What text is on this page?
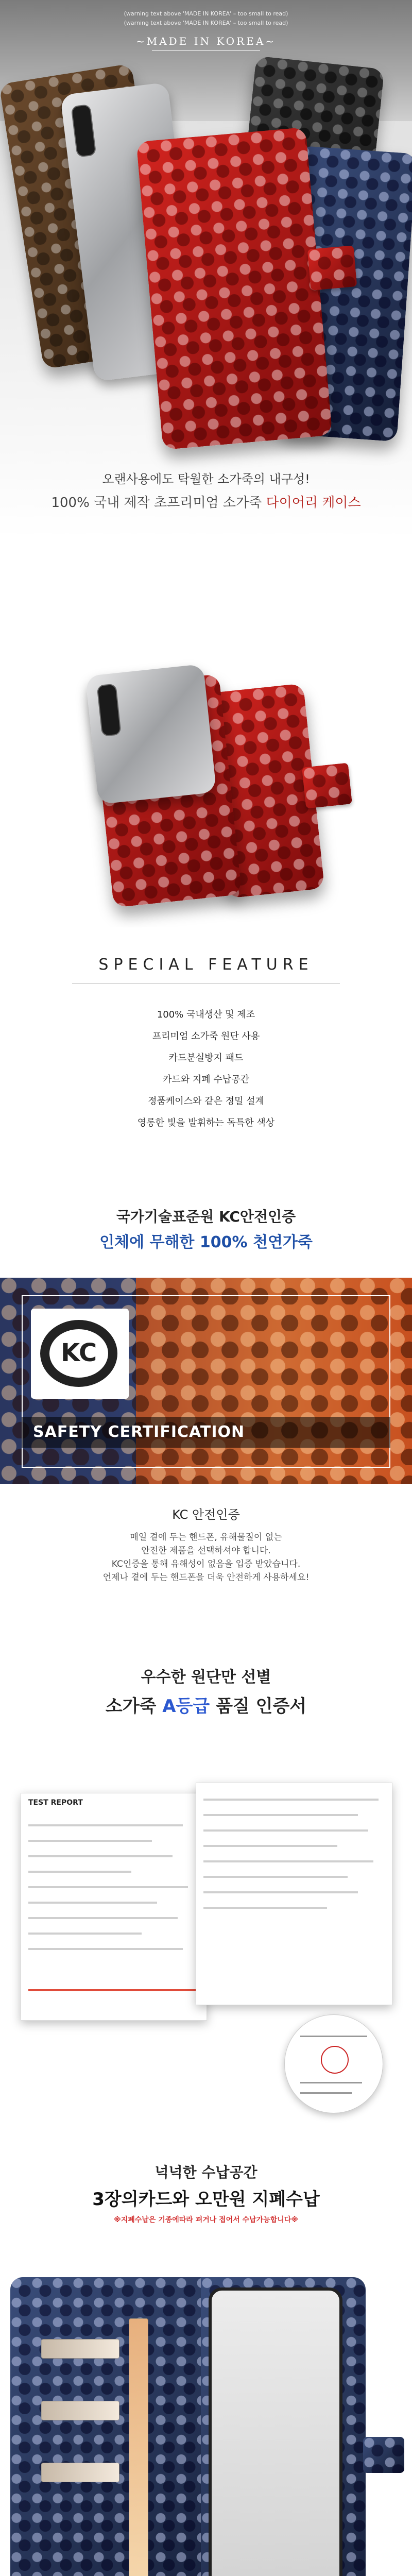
(warning text above 'MADE IN KOREA' – too small to read)
(warning text above 'MADE IN KOREA' – too small to read)
~MADE IN KOREA~
오랜사용에도 탁월한 소가죽의 내구성!
100% 국내 제작 초프리미엄 소가죽 다이어리 케이스
SPECIAL FEATURE
100% 국내생산 및 제조
프리미엄 소가죽 원단 사용
카드분실방지 패드
카드와 지폐 수납공간
정품케이스와 같은 정밀 설계
영롱한 빛을 발휘하는 독특한 색상
국가기술표준원 KC안전인증
인체에 무해한 100% 천연가죽
KC
SAFETY CERTIFICATION
KC 안전인증

매일 곁에 두는 핸드폰, 유해물질이 없는
안전한 제품을 선택하셔야 합니다.
KC인증을 통해 유해성이 없음을 입증 받았습니다.
언제나 곁에 두는 핸드폰을 더욱 안전하게 사용하세요!

우수한 원단만 선별
소가죽 A등급 품질 인증서
TEST REPORT
넉넉한 수납공간
3장의카드와 오만원 지폐수납
※지폐수납은 기종에따라 펴거나 접어서 수납가능합니다※
